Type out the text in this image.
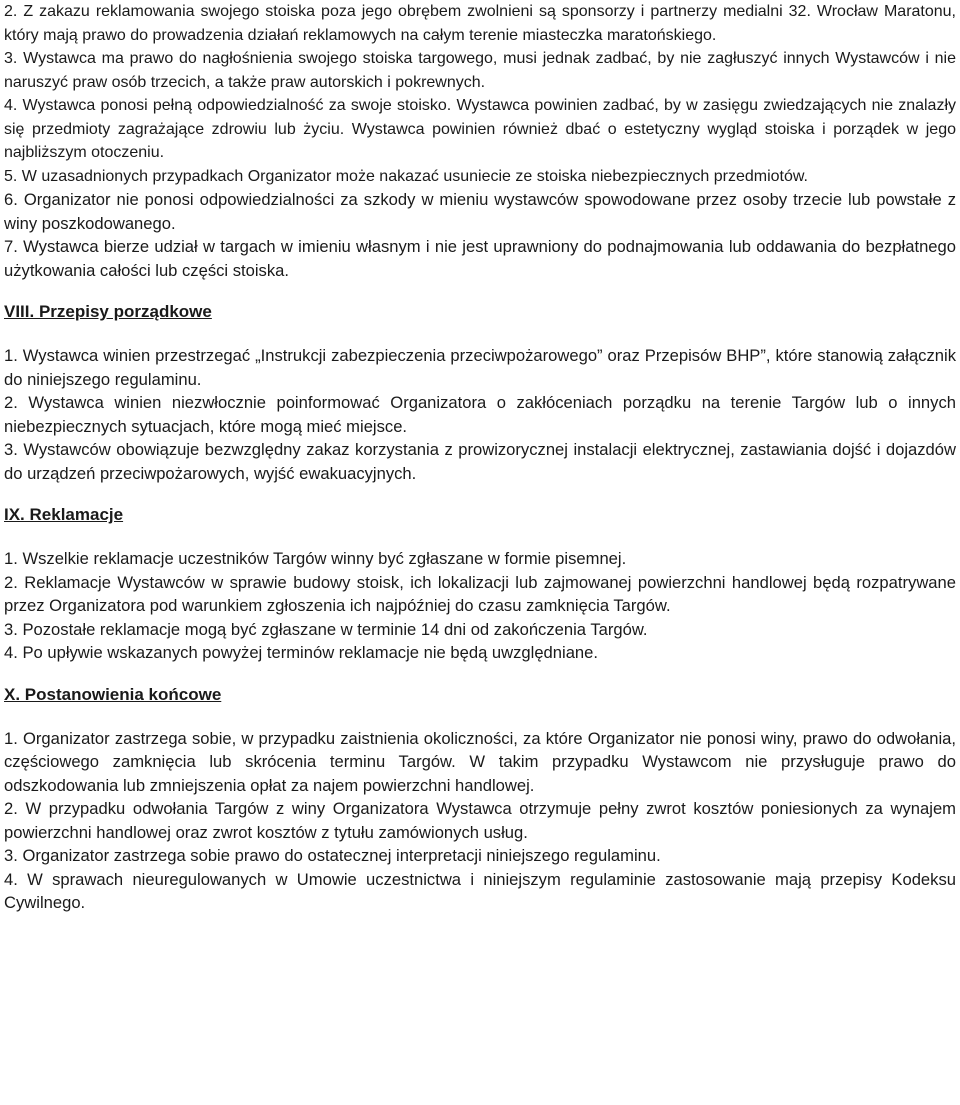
2. Z zakazu reklamowania swojego stoiska poza jego obrębem zwolnieni są sponsorzy i partnerzy medialni 32. Wrocław Maratonu, który mają prawo do prowadzenia działań reklamowych na całym terenie miasteczka maratońskiego.

3. Wystawca ma prawo do nagłośnienia swojego stoiska targowego, musi jednak zadbać, by nie zagłuszyć innych Wystawców i nie naruszyć praw osób trzecich, a także praw autorskich i pokrewnych.

4. Wystawca ponosi pełną odpowiedzialność za swoje stoisko. Wystawca powinien zadbać, by w zasięgu zwiedzających nie znalazły się przedmioty zagrażające zdrowiu lub życiu. Wystawca powinien również dbać o estetyczny wygląd stoiska i porządek w jego najbliższym otoczeniu.

5. W uzasadnionych przypadkach Organizator może nakazać usuniecie ze stoiska niebezpiecznych przedmiotów.

6. Organizator nie ponosi odpowiedzialności za szkody w mieniu wystawców spowodowane przez osoby trzecie lub powstałe z winy poszkodowanego.

7. Wystawca bierze udział w targach w imieniu własnym i nie jest uprawniony do podnajmowania lub oddawania do bezpłatnego użytkowania całości lub części stoiska.

VIII. Przepisy porządkowe

1. Wystawca winien przestrzegać „Instrukcji zabezpieczenia przeciwpożarowego” oraz Przepisów BHP”, które stanowią załącznik do niniejszego regulaminu.

2. Wystawca winien niezwłocznie poinformować Organizatora o zakłóceniach porządku na terenie Targów lub o innych niebezpiecznych sytuacjach, które mogą mieć miejsce.

3. Wystawców obowiązuje bezwzględny zakaz korzystania z prowizorycznej instalacji elektrycznej, zastawiania dojść i dojazdów do urządzeń przeciwpożarowych, wyjść ewakuacyjnych.

IX. Reklamacje

1. Wszelkie reklamacje uczestników Targów winny być zgłaszane w formie pisemnej.

2. Reklamacje Wystawców w sprawie budowy stoisk, ich lokalizacji lub zajmowanej powierzchni handlowej będą rozpatrywane przez Organizatora pod warunkiem zgłoszenia ich najpóźniej do czasu zamknięcia Targów.

3. Pozostałe reklamacje mogą być zgłaszane w terminie 14 dni od zakończenia Targów.

4. Po upływie wskazanych powyżej terminów reklamacje nie będą uwzględniane.

X. Postanowienia końcowe

1. Organizator zastrzega sobie, w przypadku zaistnienia okoliczności, za które Organizator nie ponosi winy, prawo do odwołania, częściowego zamknięcia lub skrócenia terminu Targów. W takim przypadku Wystawcom nie przysługuje prawo do odszkodowania lub zmniejszenia opłat za najem powierzchni handlowej.

2. W przypadku odwołania Targów z winy Organizatora Wystawca otrzymuje pełny zwrot kosztów poniesionych za wynajem powierzchni handlowej oraz zwrot kosztów z tytułu zamówionych usług.

3. Organizator zastrzega sobie prawo do ostatecznej interpretacji niniejszego regulaminu.

4. W sprawach nieuregulowanych w Umowie uczestnictwa i niniejszym regulaminie zastosowanie mają przepisy Kodeksu Cywilnego.
